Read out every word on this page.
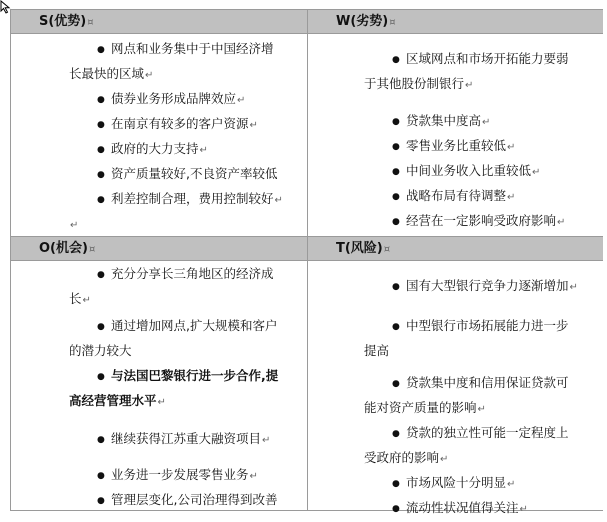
S(优势)¤	W(劣势)¤
● 网点和业务集中于中国经济增
长最快的区域↵
● 债券业务形成品牌效应↵
● 在南京有较多的客户资源↵
● 政府的大力支持↵
● 资产质量较好,不良资产率较低
● 利差控制合理，费用控制较好↵
↵
● 区域网点和市场开拓能力要弱
于其他股份制银行↵
● 贷款集中度高↵
● 零售业务比重较低↵
● 中间业务收入比重较低↵
● 战略布局有待调整↵
● 经营在一定影响受政府影响↵
O(机会)¤	T(风险)¤
● 充分分享长三角地区的经济成
长↵
● 通过增加网点,扩大规模和客户
的潜力较大
● 与法国巴黎银行进一步合作,提
高经营管理水平↵
● 继续获得江苏重大融资项目↵
● 业务进一步发展零售业务↵
● 管理层变化,公司治理得到改善
● 国有大型银行竞争力逐渐增加↵
● 中型银行市场拓展能力进一步
提高
● 贷款集中度和信用保证贷款可
能对资产质量的影响↵
● 贷款的独立性可能一定程度上
受政府的影响↵
● 市场风险十分明显↵
● 流动性状况值得关注↵
